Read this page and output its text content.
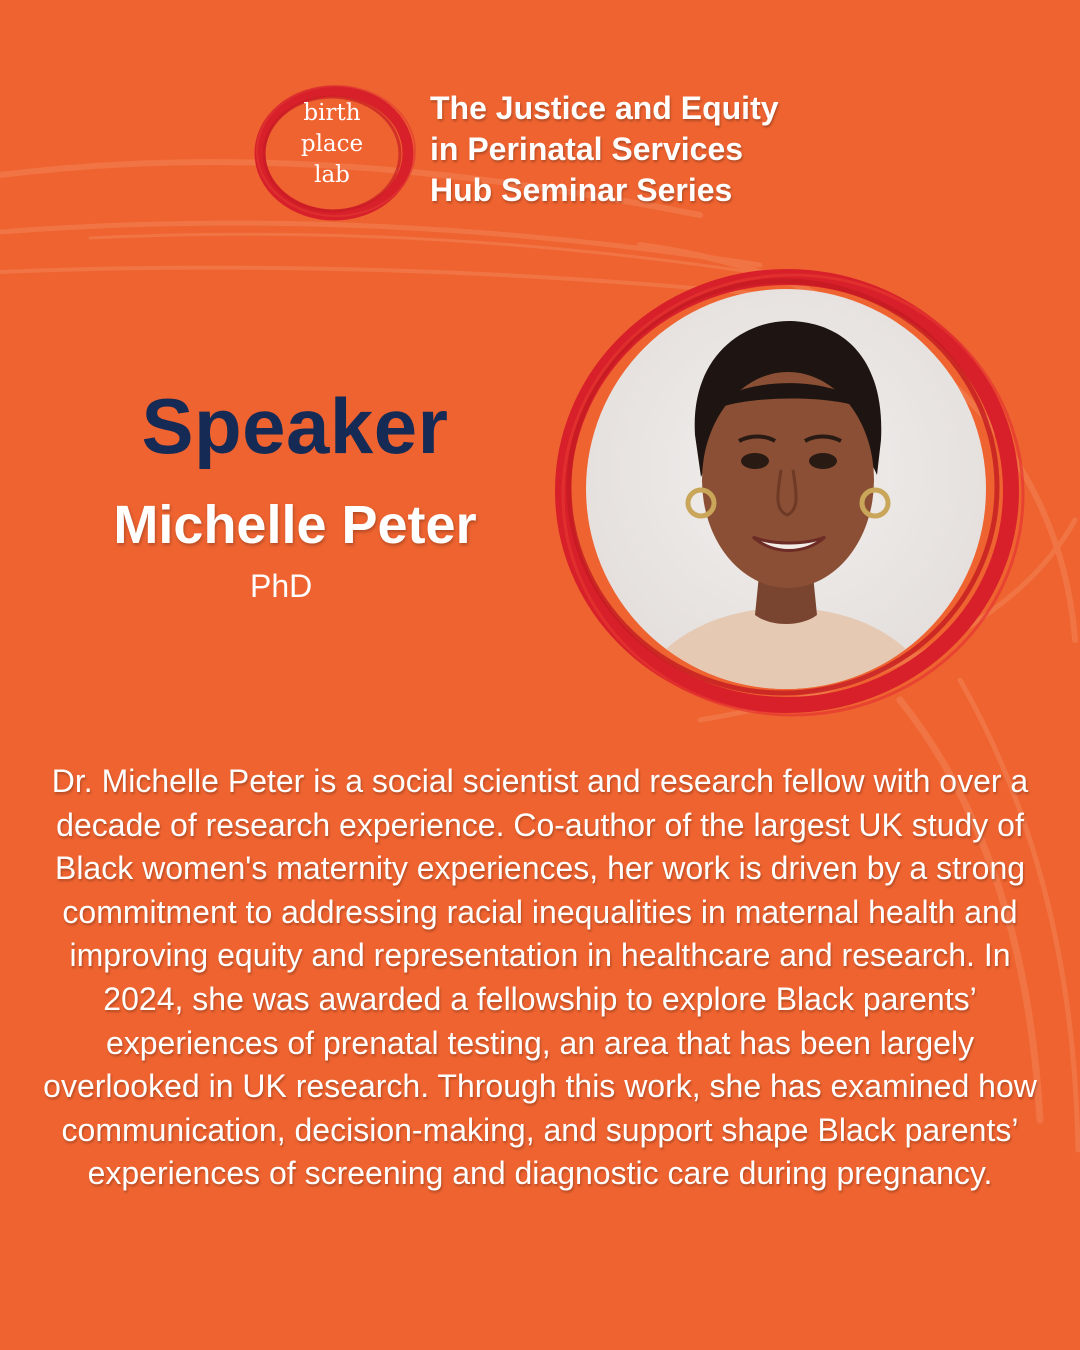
birth
place
lab
The Justice and Equity
in Perinatal Services
Hub Seminar Series
Speaker
Michelle Peter
PhD
Dr. Michelle Peter is a social scientist and research fellow with over a decade of research experience. Co-author of the largest UK study of Black women's maternity experiences, her work is driven by a strong commitment to addressing racial inequalities in maternal health and improving equity and representation in healthcare and research. In 2024, she was awarded a fellowship to explore Black parents’ experiences of prenatal testing, an area that has been largely overlooked in UK research. Through this work, she has examined how communication, decision-making, and support shape Black parents’ experiences of screening and diagnostic care during pregnancy.
